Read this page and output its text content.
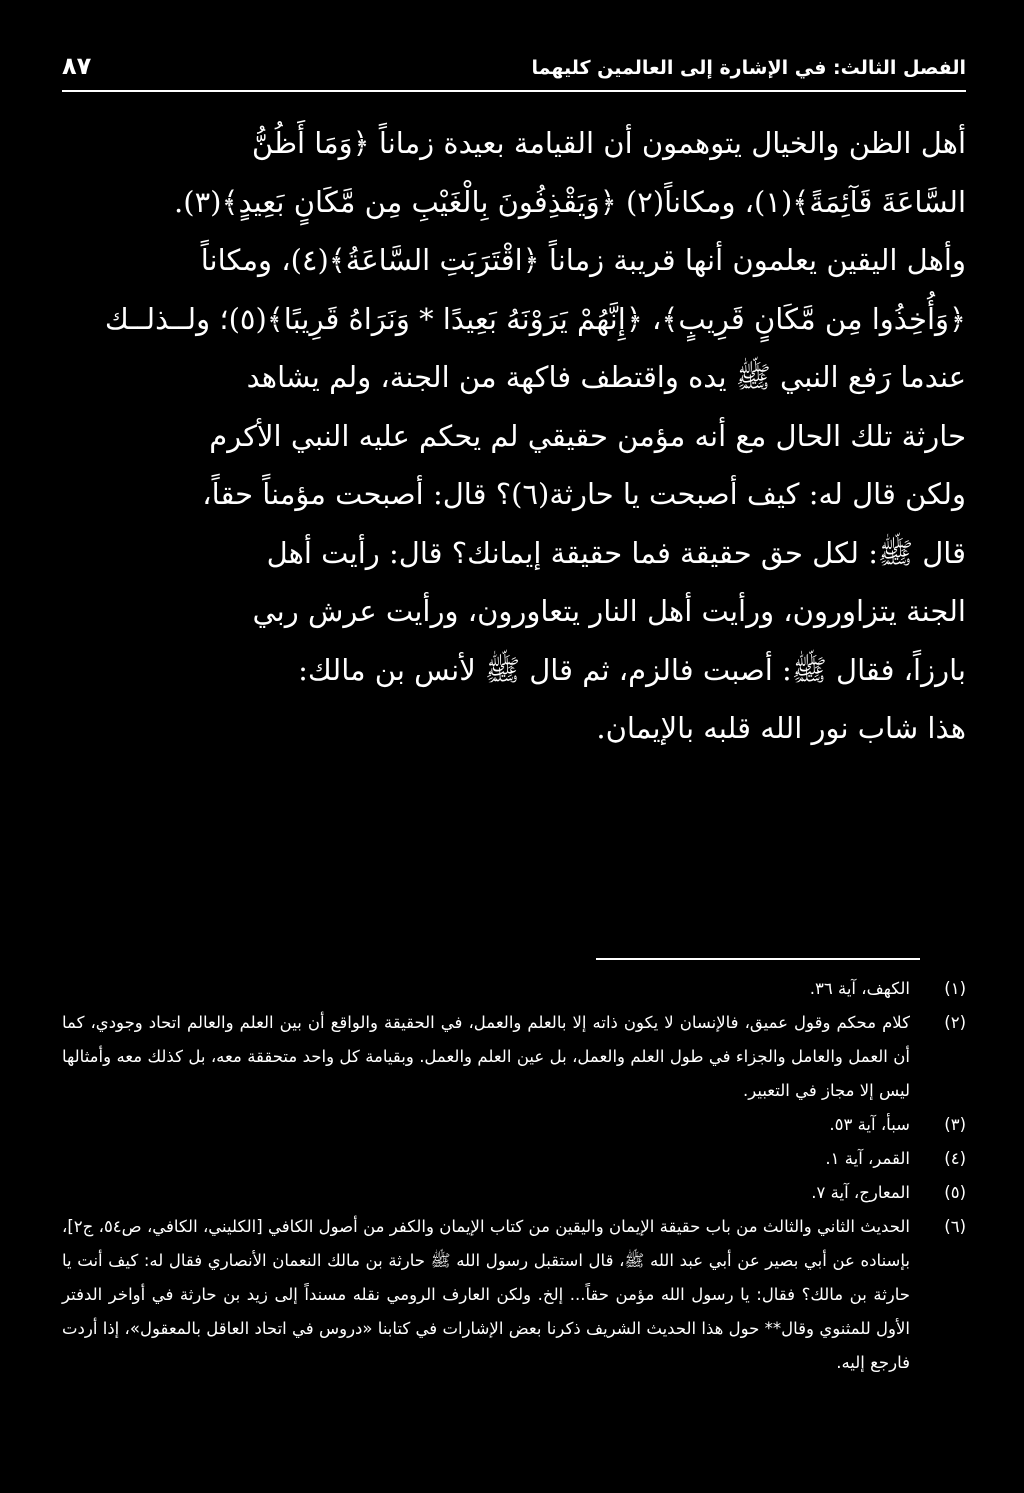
٨٧	الفصل الثالث: في الإشارة إلى العالمين كليهما

أهل الظن والخيال يتوهمون أن القيامة بعيدة زماناً ﴿وَمَا أَظُنُّ

السَّاعَةَ قَآئِمَةً﴾(١)، ومكاناً(٢) ﴿وَيَقْذِفُونَ بِالْغَيْبِ مِن مَّكَانٍ بَعِيدٍ﴾(٣).

وأهل اليقين يعلمون أنها قريبة زماناً ﴿اقْتَرَبَتِ السَّاعَةُ﴾(٤)، ومكاناً

﴿وَأُخِذُوا مِن مَّكَانٍ قَرِيبٍ﴾، ﴿إِنَّهُمْ يَرَوْنَهُ بَعِيدًا * وَنَرَاهُ قَرِيبًا﴾(٥)؛ ولــذلــك

عندما رَفع النبي ﷺ يده واقتطف فاكهة من الجنة، ولم يشاهد

حارثة تلك الحال مع أنه مؤمن حقيقي لم يحكم عليه النبي الأكرم

ولكن قال له: كيف أصبحت يا حارثة(٦)؟ قال: أصبحت مؤمناً حقاً،

قال ﷺ: لكل حق حقيقة فما حقيقة إيمانك؟ قال: رأيت أهل

الجنة يتزاورون، ورأيت أهل النار يتعاورون، ورأيت عرش ربي

بارزاً، فقال ﷺ: أصبت فالزم، ثم قال ﷺ لأنس بن مالك:

هذا شاب نور الله قلبه بالإيمان.

(١)
الكهف، آية ٣٦.
(٢)
كلام محكم وقول عميق، فالإنسان لا يكون ذاته إلا بالعلم والعمل، في الحقيقة والواقع أن بين العلم والعالم اتحاد وجودي، كما أن العمل والعامل والجزاء في طول العلم والعمل، بل عين العلم والعمل. وبقيامة كل واحد متحققة معه، بل كذلك معه وأمثالها ليس إلا مجاز في التعبير.
(٣)
سبأ، آية ٥٣.
(٤)
القمر، آية ١.
(٥)
المعارج، آية ٧.
(٦)
الحديث الثاني والثالث من باب حقيقة الإيمان واليقين من كتاب الإيمان والكفر من أصول الكافي [الكليني، الكافي، ص٥٤، ج٢]، بإسناده عن أبي بصير عن أبي عبد الله ﷺ، قال استقبل رسول الله ﷺ حارثة بن مالك النعمان الأنصاري فقال له: كيف أنت يا حارثة بن مالك؟ فقال: يا رسول الله مؤمن حقاً... إلخ. ولكن العارف الرومي نقله مسنداً إلى زيد بن حارثة في أواخر الدفتر الأول للمثنوي وقال** حول هذا الحديث الشريف ذكرنا بعض الإشارات في كتابنا «دروس في اتحاد العاقل بالمعقول»، إذا أردت فارجع إليه.
